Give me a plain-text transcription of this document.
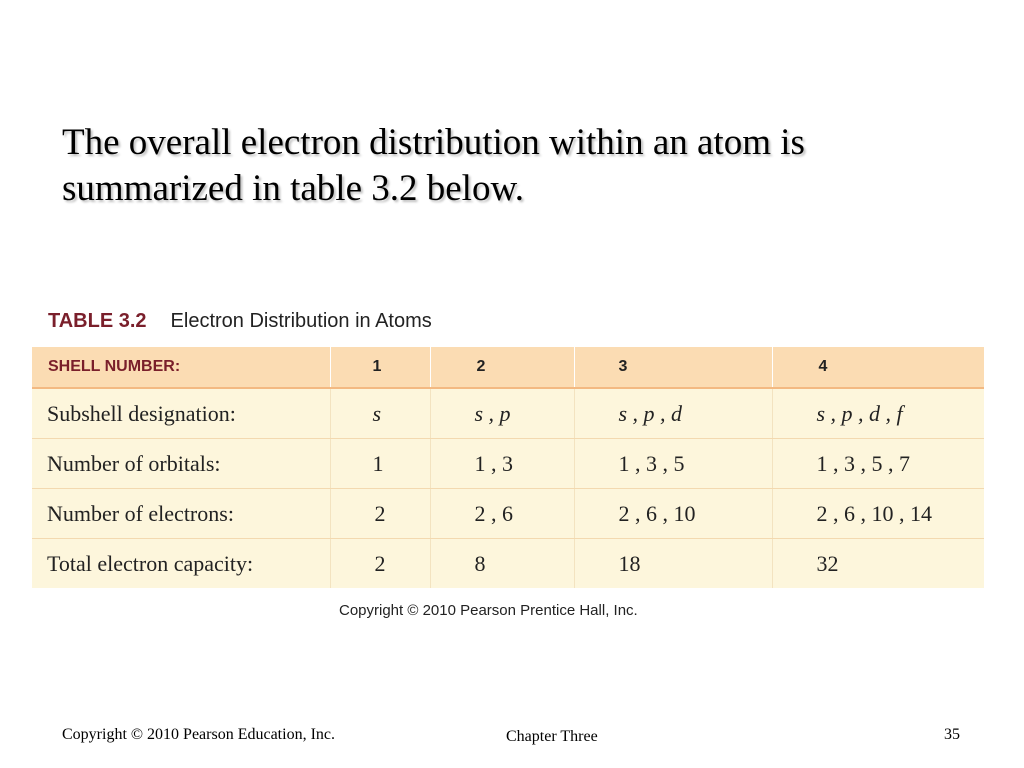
The overall electron distribution within an atom is summarized in table 3.2 below.
TABLE 3.2 Electron Distribution in Atoms
SHELL NUMBER:	1	2	3	4
Subshell designation:	s	s , p	s , p , d	s , p , d , f
Number of orbitals:	1	1 , 3	1 , 3 , 5	1 , 3 , 5 , 7
Number of electrons:	2	2 , 6	2 , 6 , 10	2 , 6 , 10 , 14
Total electron capacity:	2	8	18	32
Copyright © 2010 Pearson Prentice Hall, Inc.
Copyright © 2010 Pearson Education, Inc.	Chapter Three	35
